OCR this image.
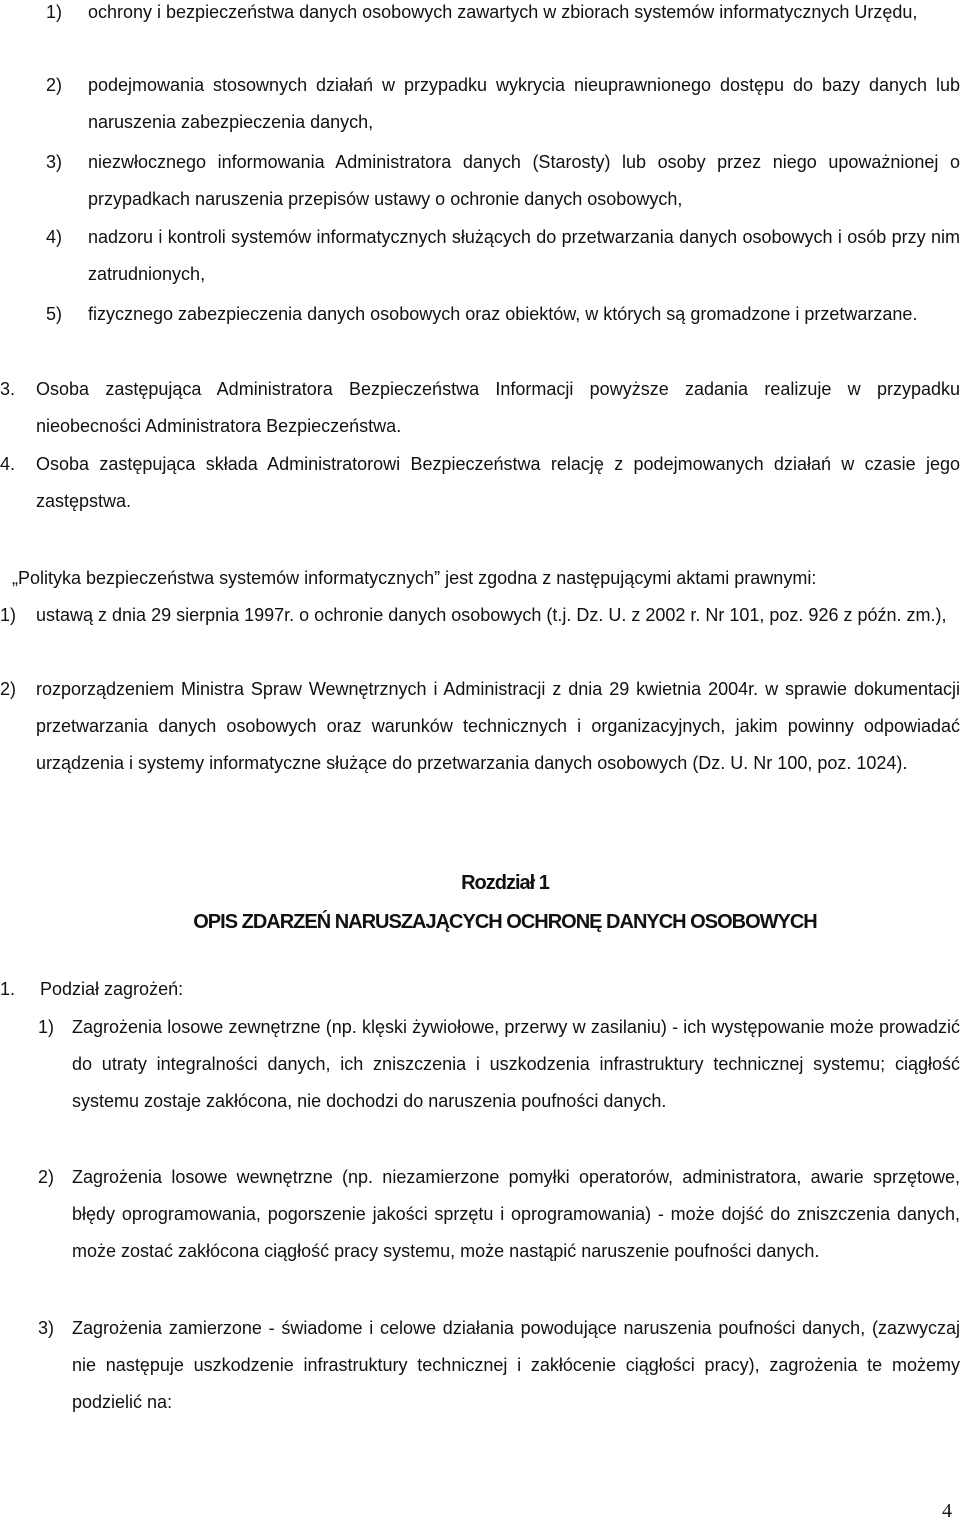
1) ochrony i bezpieczeństwa danych osobowych zawartych w zbiorach systemów informatycznych Urzędu,
2) podejmowania stosownych działań w przypadku wykrycia nieuprawnionego dostępu do bazy danych lub naruszenia zabezpieczenia danych,
3) niezwłocznego informowania Administratora danych (Starosty) lub osoby przez niego upoważnionej o przypadkach naruszenia przepisów ustawy o ochronie danych osobowych,
4) nadzoru i kontroli systemów informatycznych służących do przetwarzania danych osobowych i osób przy nim zatrudnionych,
5) fizycznego zabezpieczenia danych osobowych oraz obiektów, w których są gromadzone i przetwarzane.
3. Osoba zastępująca Administratora Bezpieczeństwa Informacji powyższe zadania realizuje w przypadku nieobecności Administratora Bezpieczeństwa.
4. Osoba zastępująca składa Administratorowi Bezpieczeństwa relację z podejmowanych działań w czasie jego zastępstwa.
„Polityka bezpieczeństwa systemów informatycznych” jest zgodna z następującymi aktami prawnymi:
1) ustawą z dnia 29 sierpnia 1997r. o ochronie danych osobowych (t.j. Dz. U. z 2002 r. Nr 101, poz. 926 z późn. zm.),
2) rozporządzeniem Ministra Spraw Wewnętrznych i Administracji z dnia 29 kwietnia 2004r. w sprawie dokumentacji przetwarzania danych osobowych oraz warunków technicznych i organizacyjnych, jakim powinny odpowiadać urządzenia i systemy informatyczne służące do przetwarzania danych osobowych (Dz. U. Nr 100, poz. 1024).
Rozdział 1
OPIS ZDARZEŃ NARUSZAJĄCYCH OCHRONĘ DANYCH OSOBOWYCH
1. Podział zagrożeń:
1) Zagrożenia losowe zewnętrzne (np. klęski żywiołowe, przerwy w zasilaniu) - ich występowanie może prowadzić do utraty integralności danych, ich zniszczenia i uszkodzenia infrastruktury technicznej systemu; ciągłość systemu zostaje zakłócona, nie dochodzi do naruszenia poufności danych.
2) Zagrożenia losowe wewnętrzne (np. niezamierzone pomyłki operatorów, administratora, awarie sprzętowe, błędy oprogramowania, pogorszenie jakości sprzętu i oprogramowania) - może dojść do zniszczenia danych, może zostać zakłócona ciągłość pracy systemu, może nastąpić naruszenie poufności danych.
3) Zagrożenia zamierzone - świadome i celowe działania powodujące naruszenia poufności danych, (zazwyczaj nie następuje uszkodzenie infrastruktury technicznej i zakłócenie ciągłości pracy), zagrożenia te możemy podzielić na:
4
